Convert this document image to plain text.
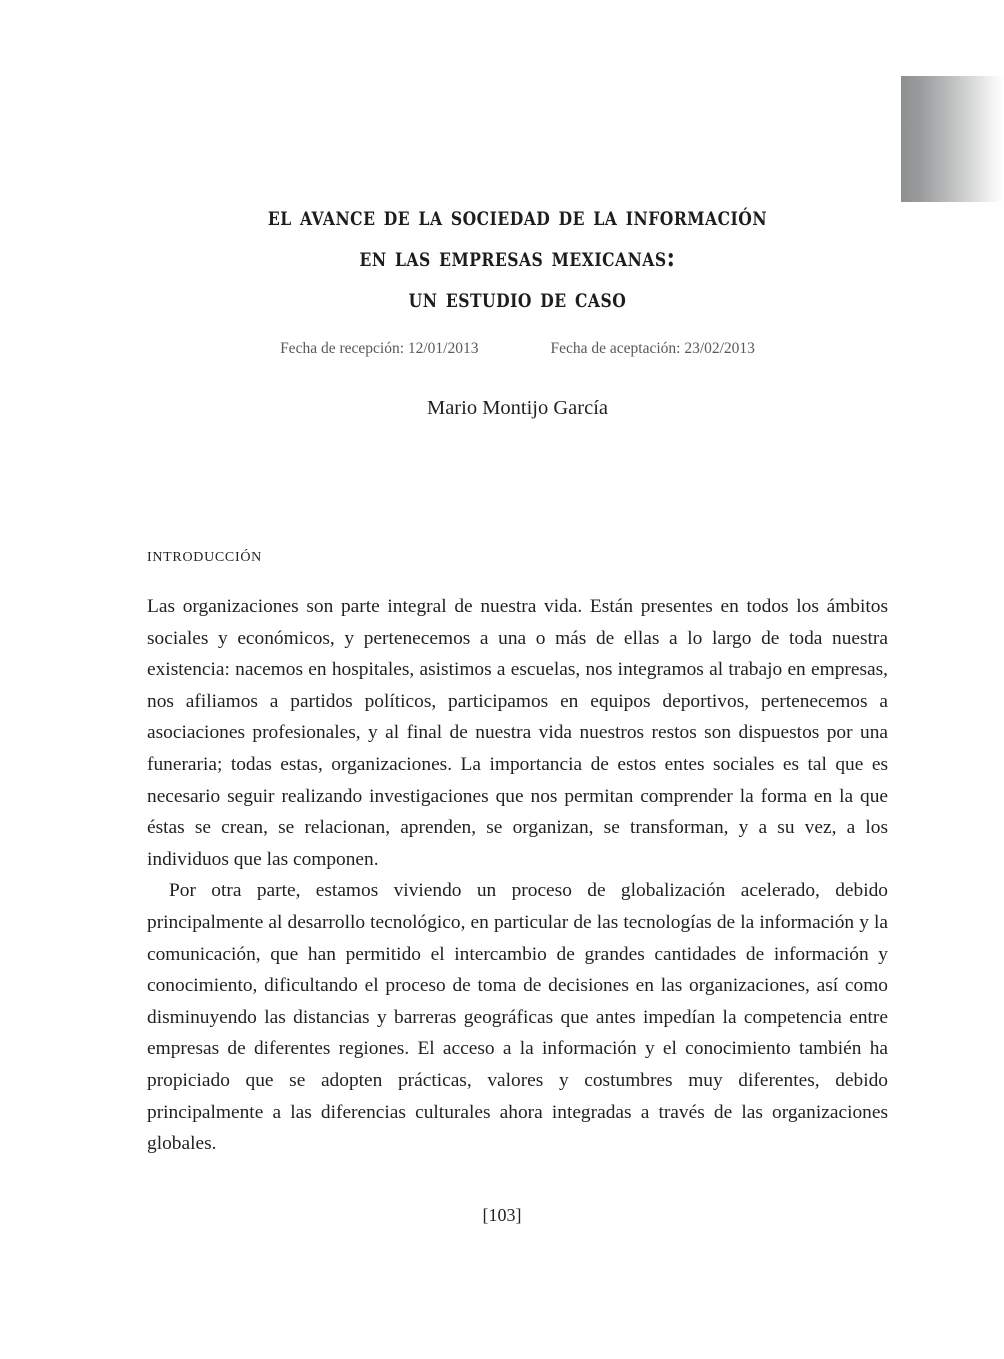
el avance de la sociedad de la información
en las empresas mexicanas:
un estudio de caso
Fecha de recepción: 12/01/2013	Fecha de aceptación: 23/02/2013
Mario Montijo García
introducción

Las organizaciones son parte integral de nuestra vida. Están presentes en todos los ámbitos sociales y económicos, y pertenecemos a una o más de ellas a lo largo de toda nuestra existencia: nacemos en hospitales, asistimos a escuelas, nos integramos al trabajo en empresas, nos afiliamos a partidos políticos, participamos en equipos deportivos, pertenecemos a asociaciones profesionales, y al final de nuestra vida nuestros restos son dispuestos por una funeraria; todas estas, organizaciones. La importancia de estos entes sociales es tal que es necesario seguir realizando investigaciones que nos permitan comprender la forma en la que éstas se crean, se relacionan, aprenden, se organizan, se transforman, y a su vez, a los individuos que las componen.

Por otra parte, estamos viviendo un proceso de globalización acelerado, debido principalmente al desarrollo tecnológico, en particular de las tecnologías de la información y la comunicación, que han permitido el intercambio de grandes cantidades de información y conocimiento, dificultando el proceso de toma de decisiones en las organizaciones, así como disminuyendo las distancias y barreras geográficas que antes impedían la competencia entre empresas de diferentes regiones. El acceso a la información y el conocimiento también ha propiciado que se adopten prácticas, valores y costumbres muy diferentes, debido principalmente a las diferencias culturales ahora integradas a través de las organizaciones globales.

[103]
